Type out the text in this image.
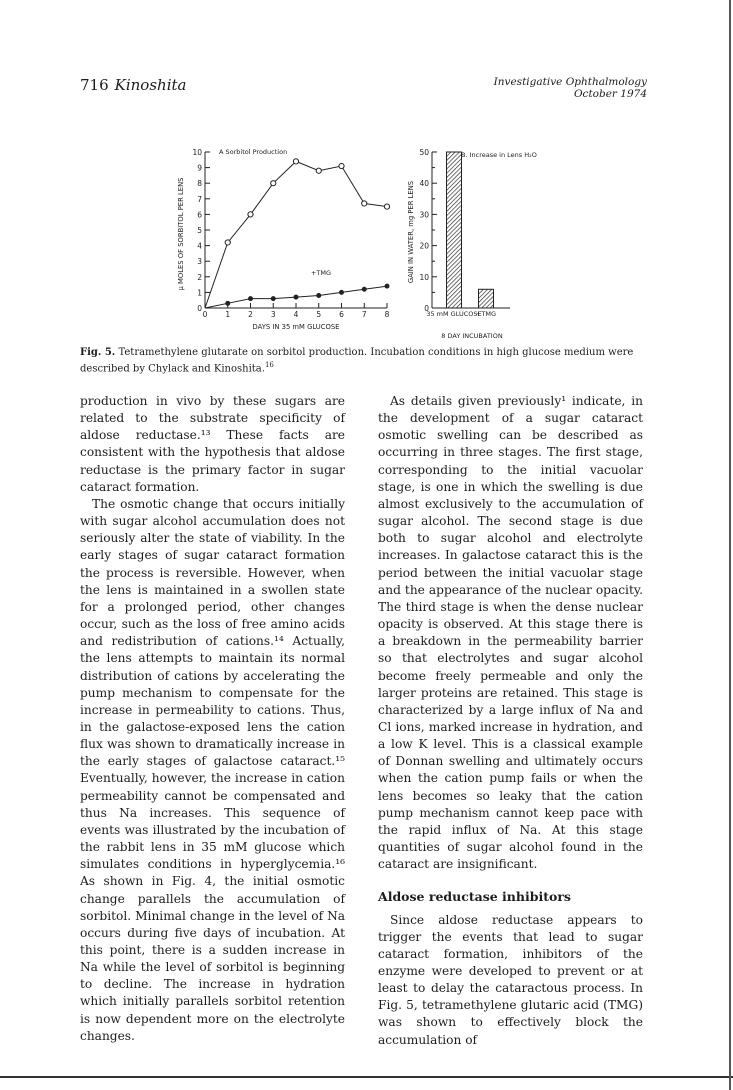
716 Kinoshita	Investigative Ophthalmology
October 1974
0
1
2
3
4
5
6
7
8
9
10
0 1 2 3 4 5 6 7 8
A Sorbitol Production
DAYS IN 35 mM GLUCOSE
μ MOLES OF SORBITOL PER LENS	+TMG
0
10
20
30
40
50
35 mM GLUCOSE
+TMG
B. Increase in Lens H₂O
8 DAY INCUBATION
GAIN IN WATER, mg PER LENS
Fig. 5. Tetramethylene glutarate on sorbitol production. Incubation conditions in high glucose medium were described by Chylack and Kinoshita.$^{16}$

production in vivo by these sugars are related to the substrate specificity of aldose reductase.¹³ These facts are consistent with the hypothesis that aldose reductase is the primary factor in sugar cataract formation.

The osmotic change that occurs initially with sugar alcohol accumulation does not seriously alter the state of viability. In the early stages of sugar cataract formation the process is reversible. However, when the lens is maintained in a swollen state for a prolonged period, other changes occur, such as the loss of free amino acids and redistribution of cations.¹⁴ Actually, the lens attempts to maintain its normal distribution of cations by accelerating the pump mechanism to compensate for the increase in permeability to cations. Thus, in the galactose-exposed lens the cation flux was shown to dramatically increase in the early stages of galactose cataract.¹⁵ Eventually, however, the increase in cation permeability cannot be compensated and thus Na increases. This sequence of events was illustrated by the incubation of the rabbit lens in 35 mM glucose which simulates conditions in hyperglycemia.¹⁶ As shown in Fig. 4, the initial osmotic change parallels the accumulation of sorbitol. Minimal change in the level of Na occurs during five days of incubation. At this point, there is a sudden increase in Na while the level of sorbitol is beginning to decline. The increase in hydration which initially parallels sorbitol retention is now dependent more on the electrolyte changes.

As details given previously¹ indicate, in the development of a sugar cataract osmotic swelling can be described as occurring in three stages. The first stage, corresponding to the initial vacuolar stage, is one in which the swelling is due almost exclusively to the accumulation of sugar alcohol. The second stage is due both to sugar alcohol and electrolyte increases. In galactose cataract this is the period between the initial vacuolar stage and the appearance of the nuclear opacity. The third stage is when the dense nuclear opacity is observed. At this stage there is a breakdown in the permeability barrier so that electrolytes and sugar alcohol become freely permeable and only the larger proteins are retained. This stage is characterized by a large influx of Na and Cl ions, marked increase in hydration, and a low K level. This is a classical example of Donnan swelling and ultimately occurs when the cation pump fails or when the lens becomes so leaky that the cation pump mechanism cannot keep pace with the rapid influx of Na. At this stage quantities of sugar alcohol found in the cataract are insignificant.

Aldose reductase inhibitors

Since aldose reductase appears to trigger the events that lead to sugar cataract formation, inhibitors of the enzyme were developed to prevent or at least to delay the cataractous process. In Fig. 5, tetramethylene glutaric acid (TMG) was shown to effectively block the accumulation of
